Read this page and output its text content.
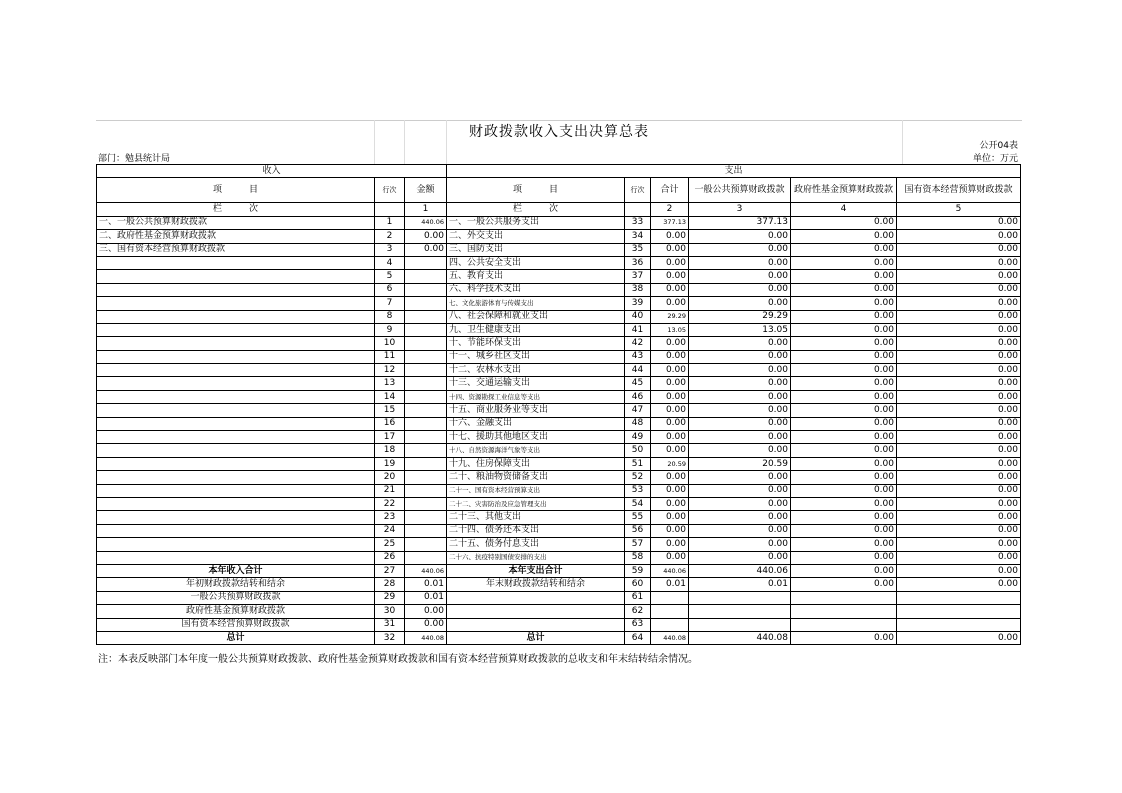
财政拨款收入支出决算总表
公开04表
部门：勉县统计局	单位：万元
收入			支出					
项　　　目	行次	金额	项　　　目	行次	合计	一般公共预算财政拨款	政府性基金预算财政拨款	国有资本经营预算财政拨款
栏　　　次		1	栏　　　次		2	3	4	5
一、一般公共预算财政拨款	1	440.06	一、一般公共服务支出	33	377.13	377.13	0.00	0.00
二、政府性基金预算财政拨款	2	0.00	二、外交支出	34	0.00	0.00	0.00	0.00
三、国有资本经营预算财政拨款	3	0.00	三、国防支出	35	0.00	0.00	0.00	0.00
	4		四、公共安全支出	36	0.00	0.00	0.00	0.00
	5		五、教育支出	37	0.00	0.00	0.00	0.00
	6		六、科学技术支出	38	0.00	0.00	0.00	0.00
	7		七、文化旅游体育与传媒支出	39	0.00	0.00	0.00	0.00
	8		八、社会保障和就业支出	40	29.29	29.29	0.00	0.00
	9		九、卫生健康支出	41	13.05	13.05	0.00	0.00
	10		十、节能环保支出	42	0.00	0.00	0.00	0.00
	11		十一、城乡社区支出	43	0.00	0.00	0.00	0.00
	12		十二、农林水支出	44	0.00	0.00	0.00	0.00
	13		十三、交通运输支出	45	0.00	0.00	0.00	0.00
	14		十四、资源勘探工业信息等支出	46	0.00	0.00	0.00	0.00
	15		十五、商业服务业等支出	47	0.00	0.00	0.00	0.00
	16		十六、金融支出	48	0.00	0.00	0.00	0.00
	17		十七、援助其他地区支出	49	0.00	0.00	0.00	0.00
	18		十八、自然资源海洋气象等支出	50	0.00	0.00	0.00	0.00
	19		十九、住房保障支出	51	20.59	20.59	0.00	0.00
	20		二十、粮油物资储备支出	52	0.00	0.00	0.00	0.00
	21		二十一、国有资本经营预算支出	53	0.00	0.00	0.00	0.00
	22		二十二、灾害防治及应急管理支出	54	0.00	0.00	0.00	0.00
	23		二十三、其他支出	55	0.00	0.00	0.00	0.00
	24		二十四、债务还本支出	56	0.00	0.00	0.00	0.00
	25		二十五、债务付息支出	57	0.00	0.00	0.00	0.00
	26		二十六、抗疫特别国债安排的支出	58	0.00	0.00	0.00	0.00
本年收入合计	27	440.06	本年支出合计	59	440.06	440.06	0.00	0.00
年初财政拨款结转和结余	28	0.01	年末财政拨款结转和结余	60	0.01	0.01	0.00	0.00
一般公共预算财政拨款	29	0.01		61				
政府性基金预算财政拨款	30	0.00		62				
国有资本经营预算财政拨款	31	0.00		63				
总计	32	440.08	总计	64	440.08	440.08	0.00	0.00
注：本表反映部门本年度一般公共预算财政拨款、政府性基金预算财政拨款和国有资本经营预算财政拨款的总收支和年末结转结余情况。
